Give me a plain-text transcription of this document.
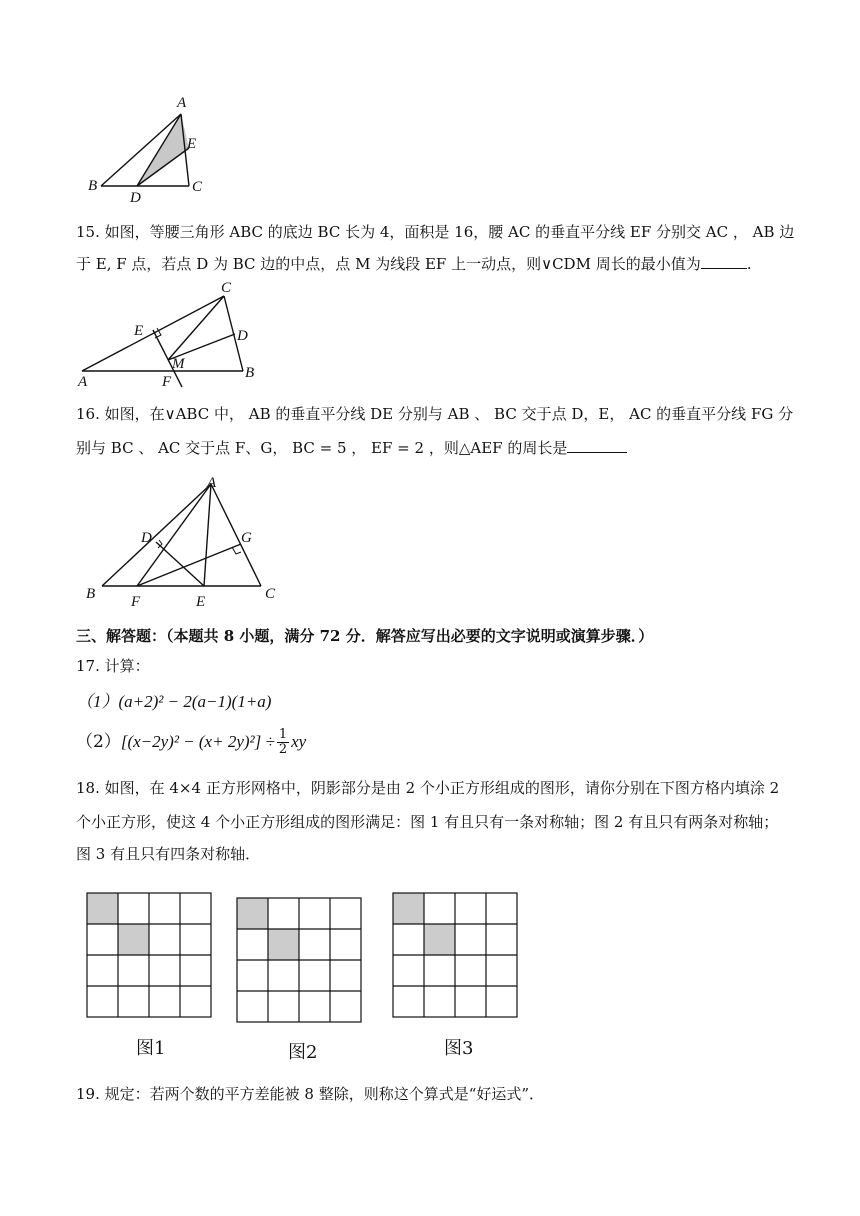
A
E
B
D
C
15. 如图，等腰三角形 ABC 的底边 BC 长为 4，面积是 16，腰 AC 的垂直平分线 EF 分别交 AC ， AB 边
于 E, F 点，若点 D 为 BC 边的中点，点 M 为线段 EF 上一动点，则∨CDM 周长的最小值为	.
C
E	D
M
A	F
B
16. 如图，在∨ABC 中， AB 的垂直平分线 DE 分别与 AB 、 BC 交于点 D，E， AC 的垂直平分线 FG 分
别与 BC 、 AC 交于点 F、G， BC = 5 ， EF = 2 ，则△AEF 的周长是
A
D	G
B F	E	C
三、解答题：（本题共 8 小题，满分 72 分．解答应写出必要的文字说明或演算步骤．）
17. 计算：
（1）(a+2)² − 2(a−1)(1+a)
$(2)[(x-2y)^2 - (x+ 2y)^2] \div \frac{1}{2}$ xy
18. 如图，在 4×4 正方形网格中，阴影部分是由 2 个小正方形组成的图形，请你分别在下图方格内填涂 2
个小正方形，使这 4 个小正方形组成的图形满足：图 1 有且只有一条对称轴；图 2 有且只有两条对称轴；
图 3 有且只有四条对称轴．
图1	图2	图3
19. 规定：若两个数的平方差能被 8 整除，则称这个算式是“好运式”．
